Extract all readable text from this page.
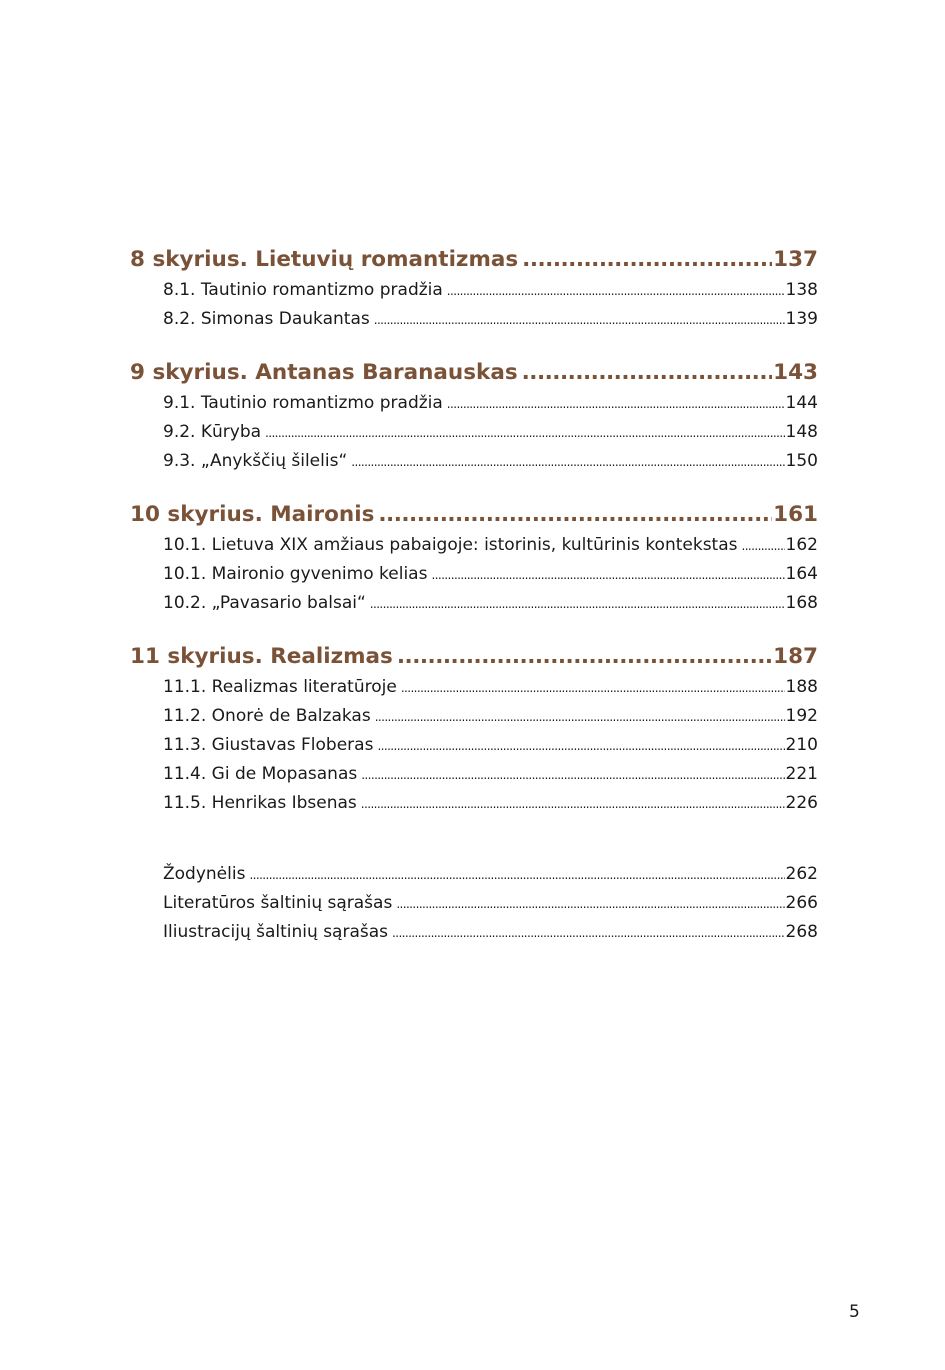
8 skyrius. Lietuvių romantizmas .....	137
8.1. Tautinio romantizmo pradžia .....	138
8.2. Simonas Daukantas .....	139
9 skyrius. Antanas Baranauskas .....	143
9.1. Tautinio romantizmo pradžia .....	144
9.2. Kūryba .....	148
9.3. „Anykščių šilelis“ .....	150
10 skyrius. Maironis .....	161
10.1. Lietuva XIX amžiaus pabaigoje: istorinis, kultūrinis kontekstas .....	162
10.1. Maironio gyvenimo kelias .....	164
10.2. „Pavasario balsai“ .....	168
11 skyrius. Realizmas .....	187
11.1. Realizmas literatūroje .....	188
11.2. Onorė de Balzakas .....	192
11.3. Giustavas Floberas .....	210
11.4. Gi de Mopasanas .....	221
11.5. Henrikas Ibsenas .....	226
Žodynėlis .....	262
Literatūros šaltinių sąrašas .....	266
Iliustracijų šaltinių sąrašas .....	268
5
